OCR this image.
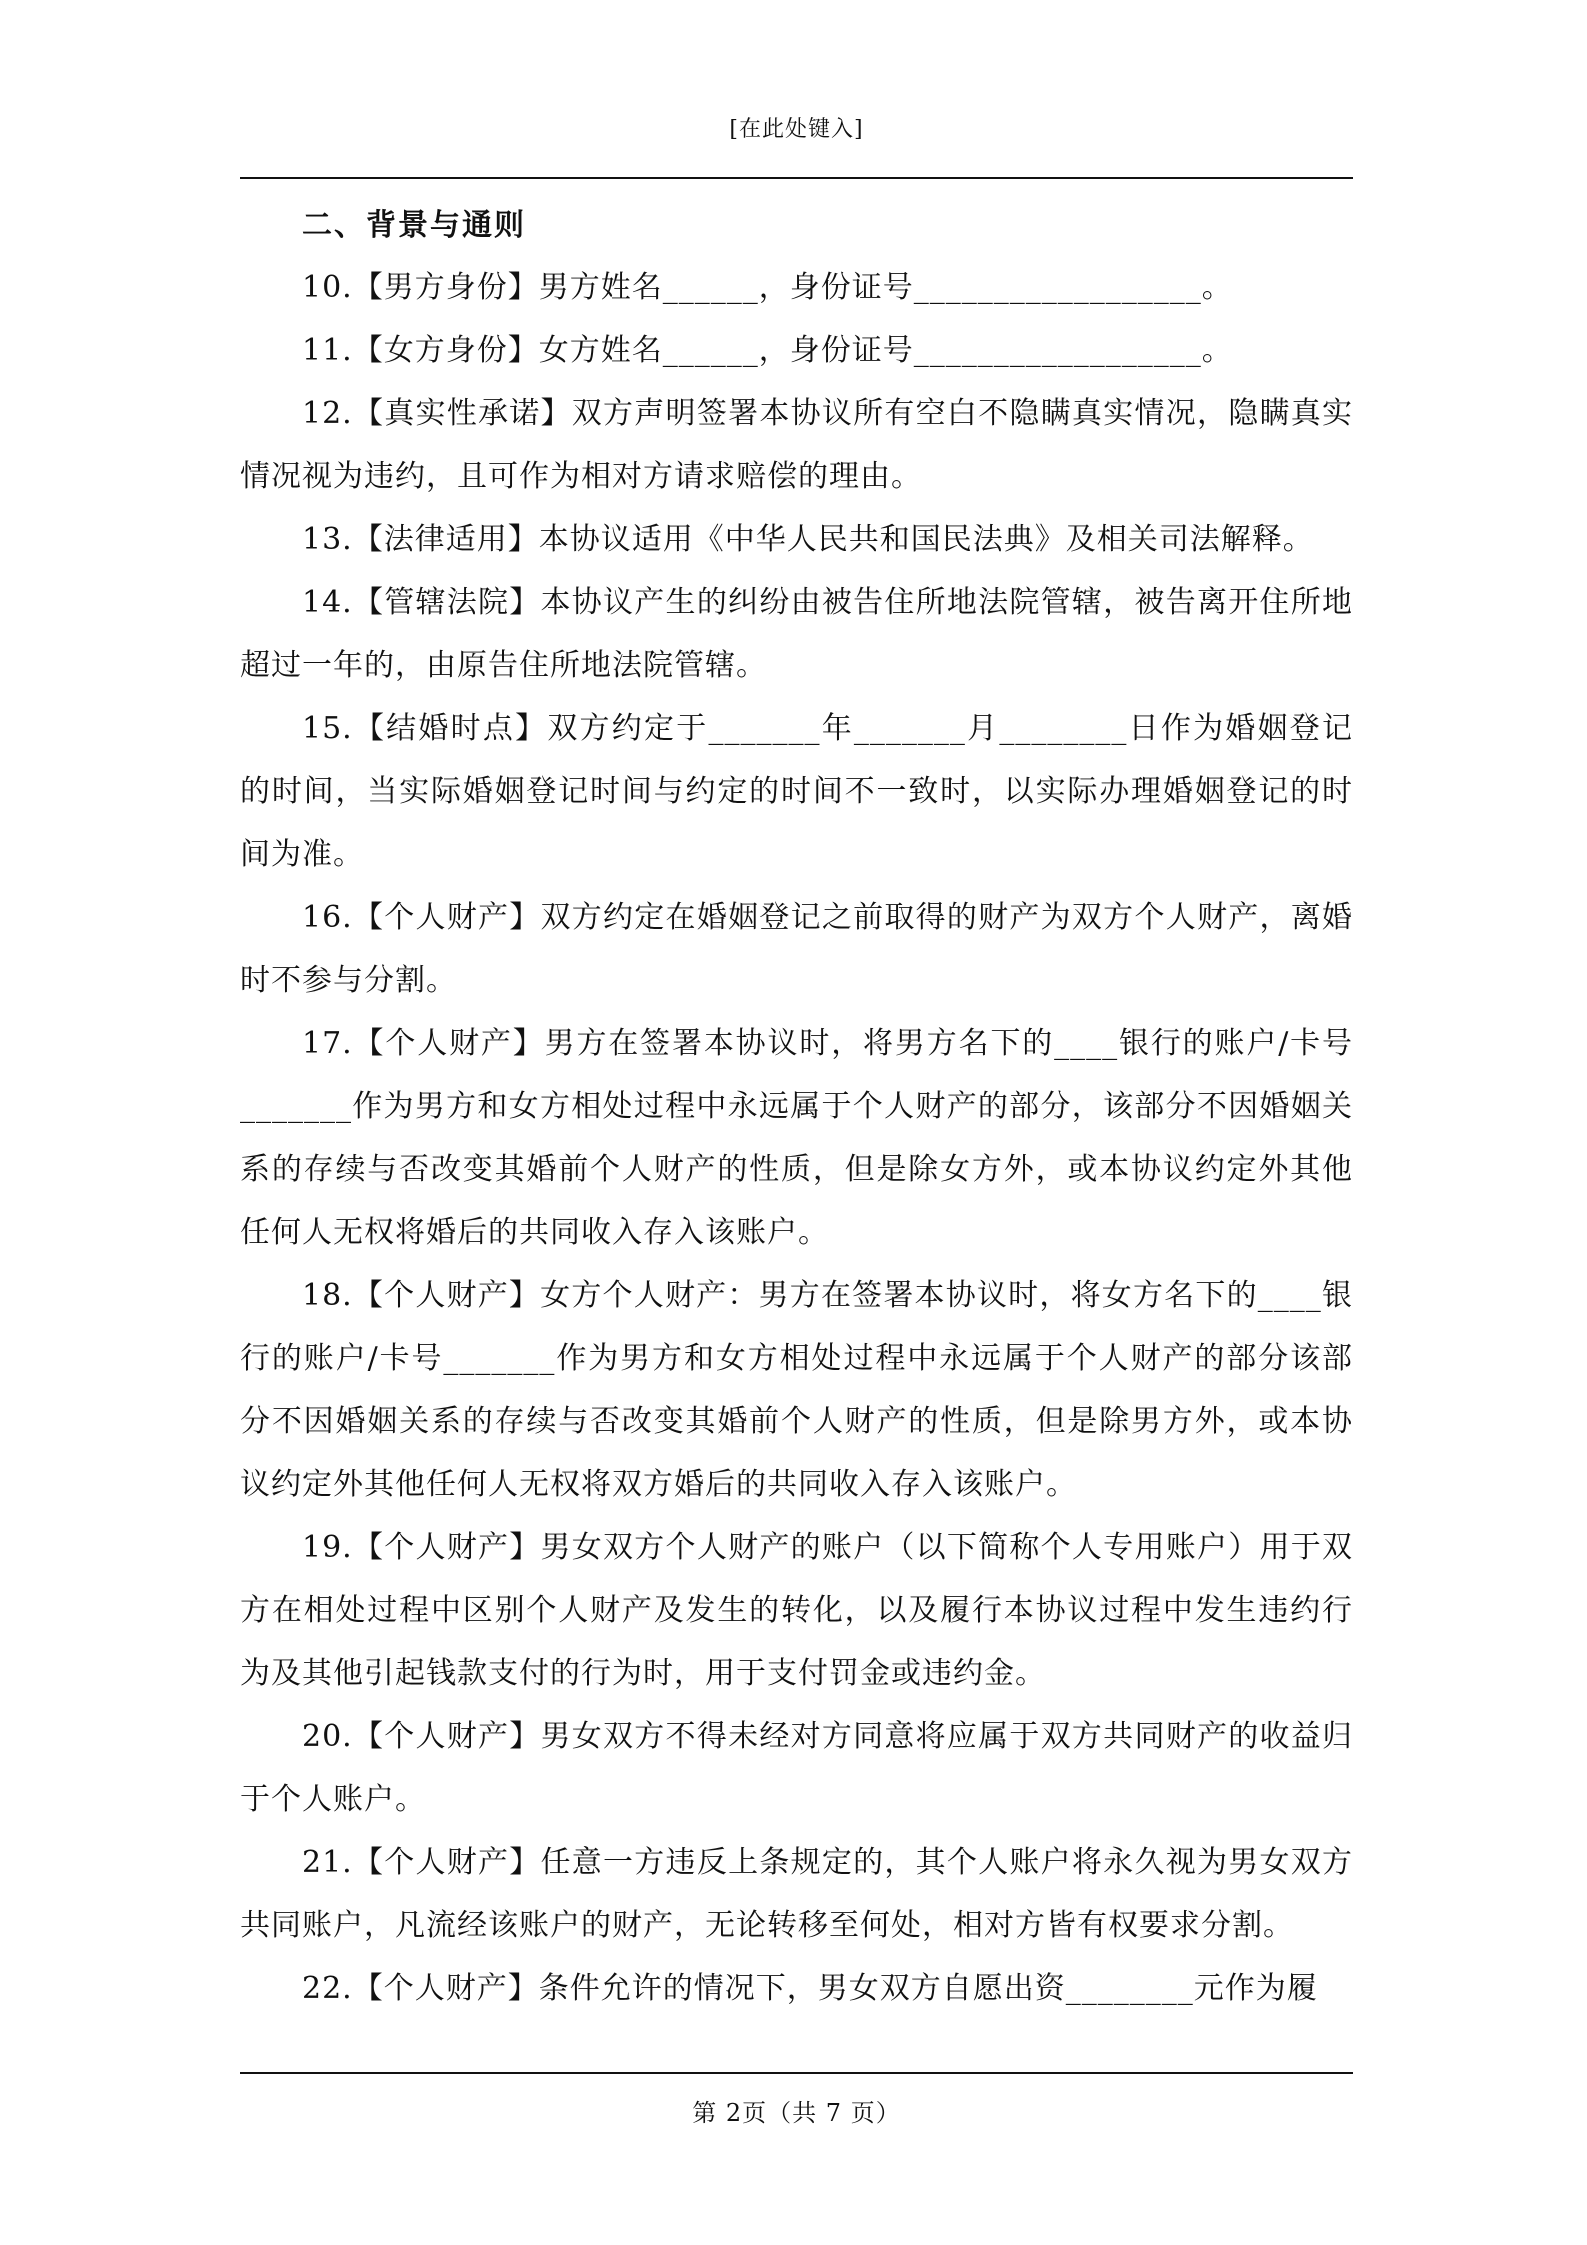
[在此处键入]
二、背景与通则

10.【男方身份】男方姓名______，身份证号__________________。

11.【女方身份】女方姓名______，身份证号__________________。

12.【真实性承诺】双方声明签署本协议所有空白不隐瞒真实情况，隐瞒真实情况视为违约，且可作为相对方请求赔偿的理由。

13.【法律适用】本协议适用《中华人民共和国民法典》及相关司法解释。

14.【管辖法院】本协议产生的纠纷由被告住所地法院管辖，被告离开住所地超过一年的，由原告住所地法院管辖。

15.【结婚时点】双方约定于_______年_______月________日作为婚姻登记的时间，当实际婚姻登记时间与约定的时间不一致时，以实际办理婚姻登记的时间为准。

16.【个人财产】双方约定在婚姻登记之前取得的财产为双方个人财产，离婚时不参与分割。

17.【个人财产】男方在签署本协议时，将男方名下的____银行的账户/卡号_______作为男方和女方相处过程中永远属于个人财产的部分，该部分不因婚姻关系的存续与否改变其婚前个人财产的性质，但是除女方外，或本协议约定外其他任何人无权将婚后的共同收入存入该账户。

18.【个人财产】女方个人财产：男方在签署本协议时，将女方名下的____银行的账户/卡号_______作为男方和女方相处过程中永远属于个人财产的部分该部分不因婚姻关系的存续与否改变其婚前个人财产的性质，但是除男方外，或本协议约定外其他任何人无权将双方婚后的共同收入存入该账户。

19.【个人财产】男女双方个人财产的账户（以下简称个人专用账户）用于双方在相处过程中区别个人财产及发生的转化，以及履行本协议过程中发生违约行为及其他引起钱款支付的行为时，用于支付罚金或违约金。

20.【个人财产】男女双方不得未经对方同意将应属于双方共同财产的收益归于个人账户。

21.【个人财产】任意一方违反上条规定的，其个人账户将永久视为男女双方共同账户，凡流经该账户的财产，无论转移至何处，相对方皆有权要求分割。

22.【个人财产】条件允许的情况下，男女双方自愿出资________元作为履

第 2页（共 7 页）
